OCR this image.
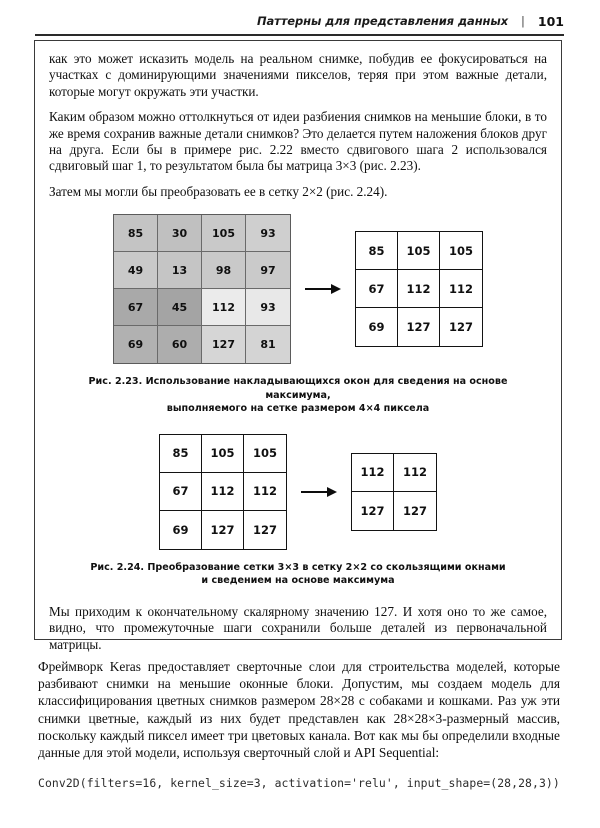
Паттерны для представления данных | 101

как это может исказить модель на реальном снимке, побудив ее фокусироваться на участках с доминирующими значениями пикселов, теряя при этом важные детали, которые могут окружать эти участки.

Каким образом можно оттолкнуться от идеи разбиения снимков на меньшие блоки, в то же время сохранив важные детали снимков? Это делается путем наложения блоков друг на друга. Если бы в примере рис. 2.22 вместо сдвигового шага 2 использовался сдвиговый шаг 1, то результатом была бы матрица 3×3 (рис. 2.23).

Затем мы могли бы преобразовать ее в сетку 2×2 (рис. 2.24).

85	30	105	93
49	13	98	97
67	45	112	93
69	60	127	81
85	105	105
67	112	112
69	127	127
Рис. 2.23. Использование накладывающихся окон для сведения на основе максимума,
выполняемого на сетке размером 4×4 пиксела
85	105	105
67	112	112
69	127	127
112	112
127	127
Рис. 2.24. Преобразование сетки 3×3 в сетку 2×2 со скользящими окнами
и сведением на основе максимума

Мы приходим к окончательному скалярному значению 127. И хотя оно то же самое, видно, что промежуточные шаги сохранили больше деталей из первоначальной матрицы.

Фреймворк Keras предоставляет сверточные слои для строительства моделей, которые разбивают снимки на меньшие оконные блоки. Допустим, мы создаем модель для классифицирования цветных снимков размером 28×28 с собаками и кошками. Раз уж эти снимки цветные, каждый из них будет представлен как 28×28×3-размерный массив, поскольку каждый пиксел имеет три цветовых канала. Вот как мы бы определили входные данные для этой модели, используя сверточный слой и API Sequential:

Conv2D(filters=16, kernel_size=3, activation='relu', input_shape=(28,28,3))
